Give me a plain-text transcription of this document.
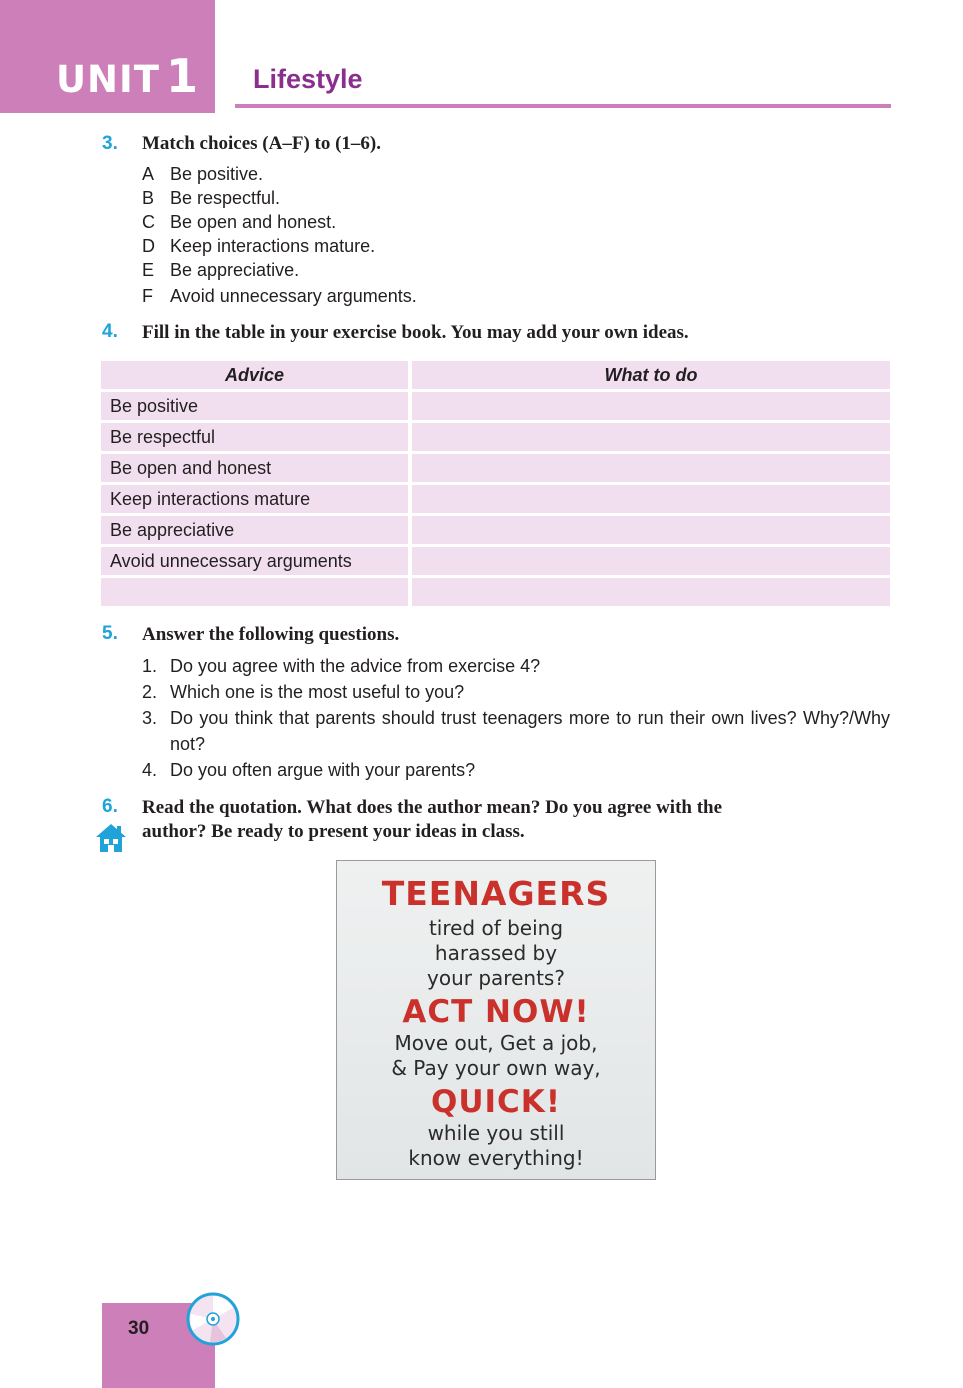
UNIT 1 Lifestyle
3. Match choices (A–F) to (1–6).
A Be positive.
B Be respectful.
C Be open and honest.
D Keep interactions mature.
E Be appreciative.
F Avoid unnecessary arguments.
4. Fill in the table in your exercise book. You may add your own ideas.
Advice	What to do
Be positive	
Be respectful	
Be open and honest	
Keep interactions mature	
Be appreciative	
Avoid unnecessary arguments	

5. Answer the following questions.
1. Do you agree with the advice from exercise 4?
2. Which one is the most useful to you?
3. Do you think that parents should trust teenagers more to run their own lives? Why?/Why not?
4. Do you often argue with your parents?
6. Read the quotation. What does the author mean? Do you agree with the
author? Be ready to present your ideas in class.
TEENAGERS
tired of being
harassed by
your parents?
ACT NOW!
Move out, Get a job,
& Pay your own way,
QUICK!
while you still
know everything!
30
